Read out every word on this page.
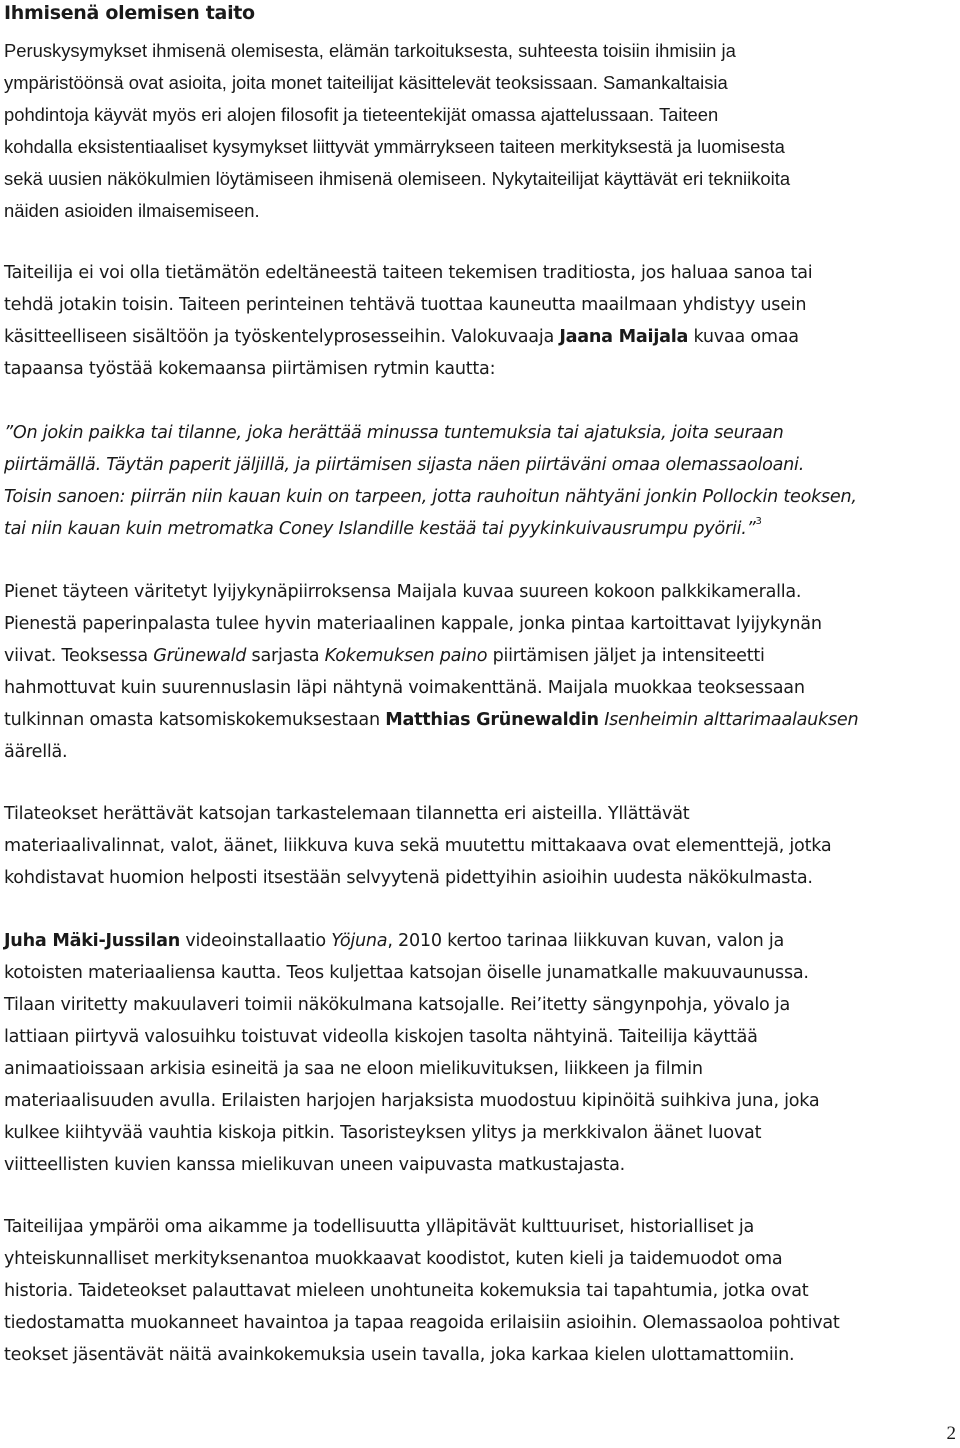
Ihmisenä olemisen taito

Peruskysymykset ihmisenä olemisesta, elämän tarkoituksesta, suhteesta toisiin ihmisiin ja

ympäristöönsä ovat asioita, joita monet taiteilijat käsittelevät teoksissaan. Samankaltaisia

pohdintoja käyvät myös eri alojen filosofit ja tieteentekijät omassa ajattelussaan. Taiteen

kohdalla eksistentiaaliset kysymykset liittyvät ymmärrykseen taiteen merkityksestä ja luomisesta

sekä uusien näkökulmien löytämiseen ihmisenä olemiseen. Nykytaiteilijat käyttävät eri tekniikoita

näiden asioiden ilmaisemiseen.

Taiteilija ei voi olla tietämätön edeltäneestä taiteen tekemisen traditiosta, jos haluaa sanoa tai

tehdä jotakin toisin. Taiteen perinteinen tehtävä tuottaa kauneutta maailmaan yhdistyy usein

käsitteelliseen sisältöön ja työskentelyprosesseihin. Valokuvaaja Jaana Maijala kuvaa omaa

tapaansa työstää kokemaansa piirtämisen rytmin kautta:

”On jokin paikka tai tilanne, joka herättää minussa tuntemuksia tai ajatuksia, joita seuraan

piirtämällä. Täytän paperit jäljillä, ja piirtämisen sijasta näen piirtäväni omaa olemassaoloani.

Toisin sanoen: piirrän niin kauan kuin on tarpeen, jotta rauhoitun nähtyäni jonkin Pollockin teoksen,

tai niin kauan kuin metromatka Coney Islandille kestää tai pyykinkuivausrumpu pyörii.”$^3$

Pienet täyteen väritetyt lyijykynäpiirroksensa Maijala kuvaa suureen kokoon palkkikameralla.

Pienestä paperinpalasta tulee hyvin materiaalinen kappale, jonka pintaa kartoittavat lyijykynän

viivat. Teoksessa Grünewald sarjasta Kokemuksen paino piirtämisen jäljet ja intensiteetti

hahmottuvat kuin suurennuslasin läpi nähtynä voimakenttänä. Maijala muokkaa teoksessaan

tulkinnan omasta katsomiskokemuksestaan Matthias Grünewaldin Isenheimin alttarimaalauksen

äärellä.

Tilateokset herättävät katsojan tarkastelemaan tilannetta eri aisteilla. Yllättävät

materiaalivalinnat, valot, äänet, liikkuva kuva sekä muutettu mittakaava ovat elementtejä, jotka

kohdistavat huomion helposti itsestään selvyytenä pidettyihin asioihin uudesta näkökulmasta.

Juha Mäki-Jussilan videoinstallaatio Yöjuna, 2010 kertoo tarinaa liikkuvan kuvan, valon ja

kotoisten materiaaliensa kautta. Teos kuljettaa katsojan öiselle junamatkalle makuuvaunussa.

Tilaan viritetty makuulaveri toimii näkökulmana katsojalle. Rei’itetty sängynpohja, yövalo ja

lattiaan piirtyvä valosuihku toistuvat videolla kiskojen tasolta nähtyinä. Taiteilija käyttää

animaatioissaan arkisia esineitä ja saa ne eloon mielikuvituksen, liikkeen ja filmin

materiaalisuuden avulla. Erilaisten harjojen harjaksista muodostuu kipinöitä suihkiva juna, joka

kulkee kiihtyvää vauhtia kiskoja pitkin. Tasoristeyksen ylitys ja merkkivalon äänet luovat

viitteellisten kuvien kanssa mielikuvan uneen vaipuvasta matkustajasta.

Taiteilijaa ympäröi oma aikamme ja todellisuutta ylläpitävät kulttuuriset, historialliset ja

yhteiskunnalliset merkityksenantoa muokkaavat koodistot, kuten kieli ja taidemuodot oma

historia. Taideteokset palauttavat mieleen unohtuneita kokemuksia tai tapahtumia, jotka ovat

tiedostamatta muokanneet havaintoa ja tapaa reagoida erilaisiin asioihin. Olemassaoloa pohtivat

teokset jäsentävät näitä avainkokemuksia usein tavalla, joka karkaa kielen ulottamattomiin.

2
